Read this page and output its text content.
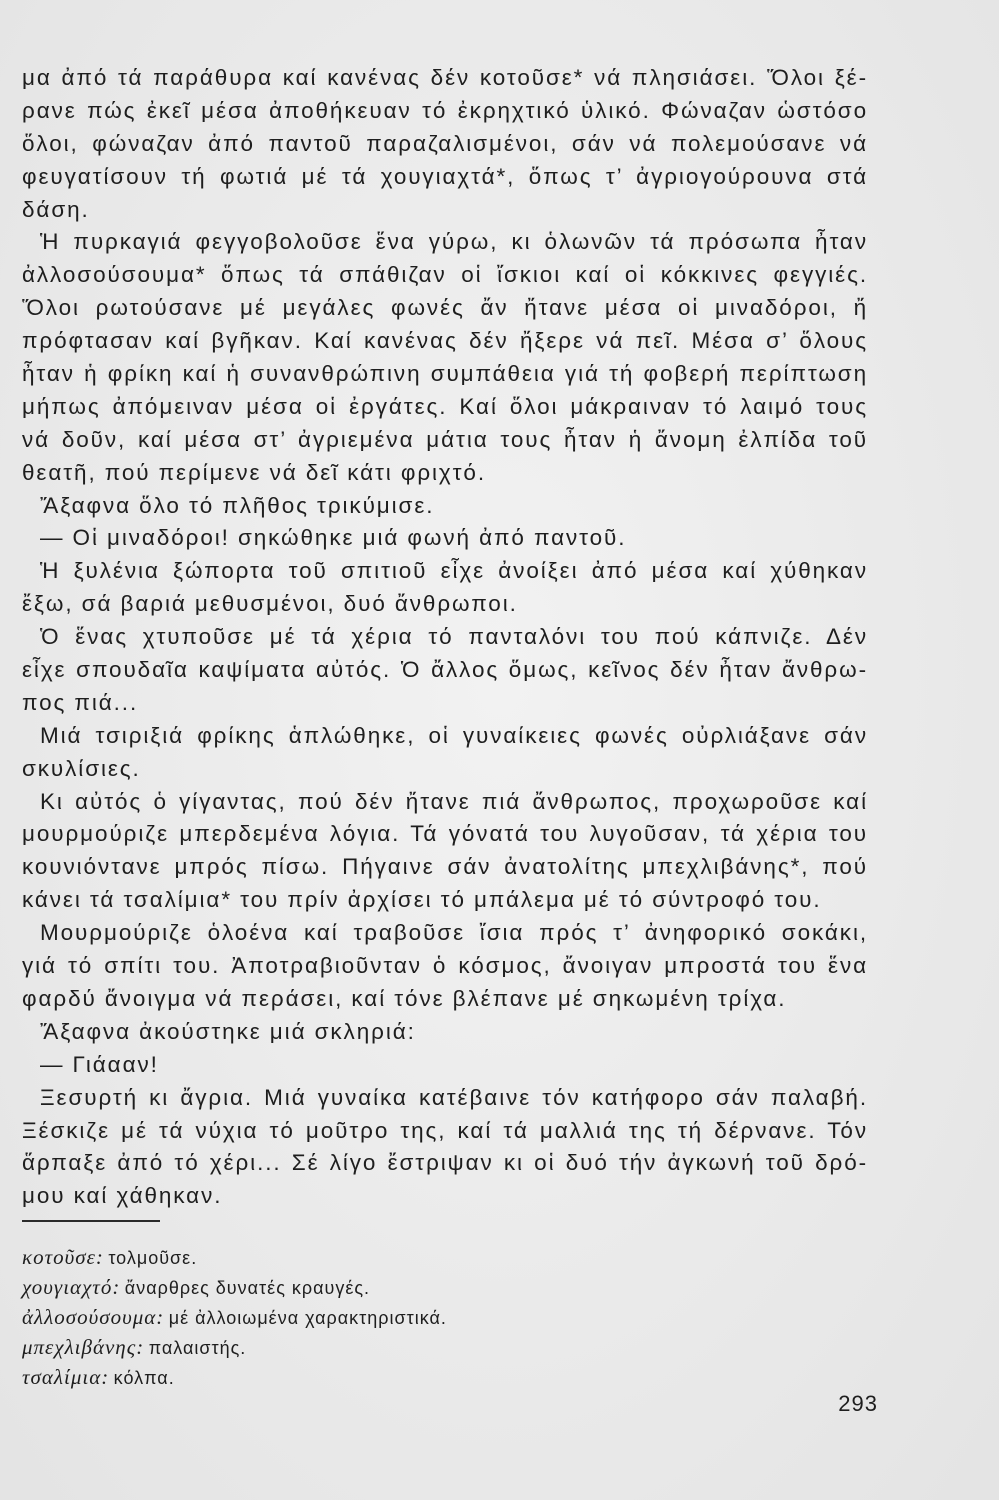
μα ἀπό τά παράθυρα καί κανένας δέν κοτοῦσε* νά πλησιάσει. Ὅλοι ξέ-
ρανε πώς ἐκεῖ μέσα ἀποθήκευαν τό ἐκρηχτικό ὑλικό. Φώναζαν ὡστόσο
ὅλοι, φώναζαν ἀπό παντοῦ παραζαλισμένοι, σάν νά πολεμούσανε νά
φευγατίσουν τή φωτιά μέ τά χουγιαχτά*, ὅπως τ’ ἀγριογούρουνα στά
δάση.
Ἡ πυρκαγιά φεγγοβολοῦσε ἕνα γύρω, κι ὁλωνῶν τά πρόσωπα ἦταν
ἀλλοσούσουμα* ὅπως τά σπάθιζαν οἱ ἴσκιοι καί οἱ κόκκινες φεγγιές.
Ὅλοι ρωτούσανε μέ μεγάλες φωνές ἄν ἤτανε μέσα οἱ μιναδόροι, ἤ
πρόφτασαν καί βγῆκαν. Καί κανένας δέν ἤξερε νά πεῖ. Μέσα σ’ ὅλους
ἦταν ἡ φρίκη καί ἡ συνανθρώπινη συμπάθεια γιά τή φοβερή περίπτωση
μήπως ἀπόμειναν μέσα οἱ ἐργάτες. Καί ὅλοι μάκραιναν τό λαιμό τους
νά δοῦν, καί μέσα στ’ ἀγριεμένα μάτια τους ἦταν ἡ ἄνομη ἐλπίδα τοῦ
θεατῆ, πού περίμενε νά δεῖ κάτι φριχτό.
Ἄξαφνα ὅλο τό πλῆθος τρικύμισε.
— Οἱ μιναδόροι! σηκώθηκε μιά φωνή ἀπό παντοῦ.
Ἡ ξυλένια ξώπορτα τοῦ σπιτιοῦ εἶχε ἀνοίξει ἀπό μέσα καί χύθηκαν
ἔξω, σά βαριά μεθυσμένοι, δυό ἄνθρωποι.
Ὁ ἕνας χτυποῦσε μέ τά χέρια τό πανταλόνι του πού κάπνιζε. Δέν
εἶχε σπουδαῖα καψίματα αὐτός. Ὁ ἄλλος ὅμως, κεῖνος δέν ἦταν ἄνθρω-
πος πιά...
Μιά τσιριξιά φρίκης ἁπλώθηκε, οἱ γυναίκειες φωνές οὐρλιάξανε σάν
σκυλίσιες.
Κι αὐτός ὁ γίγαντας, πού δέν ἤτανε πιά ἄνθρωπος, προχωροῦσε καί
μουρμούριζε μπερδεμένα λόγια. Τά γόνατά του λυγοῦσαν, τά χέρια του
κουνιόντανε μπρός πίσω. Πήγαινε σάν ἀνατολίτης μπεχλιβάνης*, πού
κάνει τά τσαλίμια* του πρίν ἀρχίσει τό μπάλεμα μέ τό σύντροφό του.
Μουρμούριζε ὁλοένα καί τραβοῦσε ἴσια πρός τ’ ἀνηφορικό σοκάκι,
γιά τό σπίτι του. Ἀποτραβιοῦνταν ὁ κόσμος, ἄνοιγαν μπροστά του ἕνα
φαρδύ ἄνοιγμα νά περάσει, καί τόνε βλέπανε μέ σηκωμένη τρίχα.
Ἄξαφνα ἀκούστηκε μιά σκληριά:
— Γιάααν!
Ξεσυρτή κι ἄγρια. Μιά γυναίκα κατέβαινε τόν κατήφορο σάν παλαβή.
Ξέσκιζε μέ τά νύχια τό μοῦτρο της, καί τά μαλλιά της τή δέρνανε. Τόν
ἅρπαξε ἀπό τό χέρι... Σέ λίγο ἔστριψαν κι οἱ δυό τήν ἀγκωνή τοῦ δρό-
μου καί χάθηκαν.
κοτοῦσε: τολμοῦσε.
χουγιαχτό: ἄναρθρες δυνατές κραυγές.
ἀλλοσούσουμα: μέ ἀλλοιωμένα χαρακτηριστικά.
μπεχλιβάνης: παλαιστής.
τσαλίμια: κόλπα.
293
